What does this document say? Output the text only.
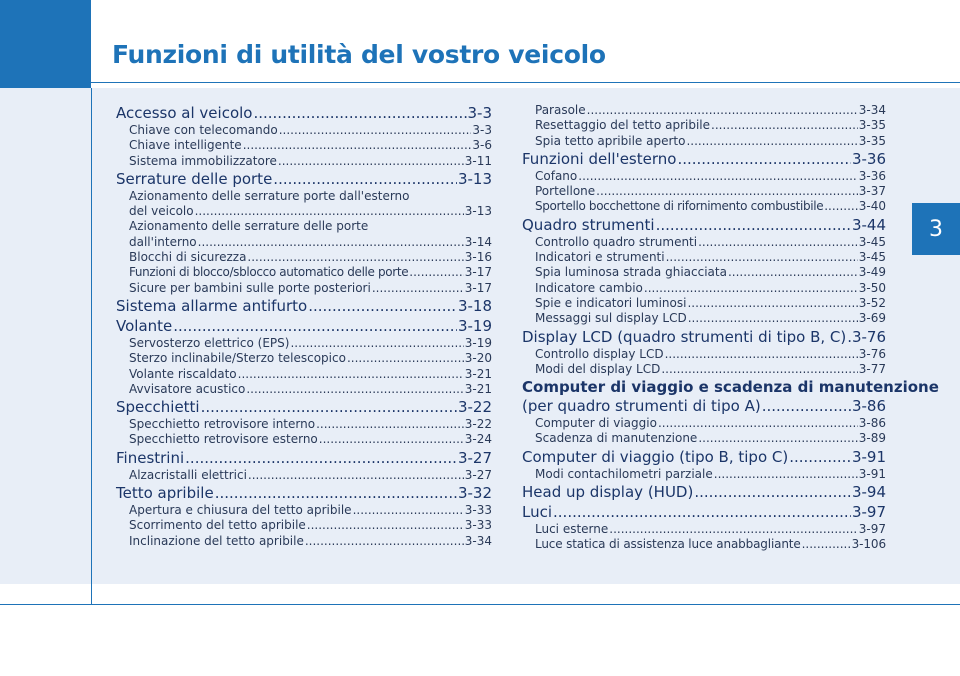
Funzioni di utilità del vostro veicolo
3
Accesso al veicolo .....	3-3
Chiave con telecomando .....	3-3
Chiave intelligente .....	3-6
Sistema immobilizzatore .....	3-11
Serrature delle porte .....	3-13
Azionamento delle serrature porte dall'esterno
del veicolo .....	3-13
Azionamento delle serrature delle porte
dall'interno .....	3-14
Blocchi di sicurezza .....	3-16
Funzioni di blocco/sblocco automatico delle porte .....	3-17
Sicure per bambini sulle porte posteriori .....	3-17
Sistema allarme antifurto .....	3-18
Volante .....	3-19
Servosterzo elettrico (EPS) .....	3-19
Sterzo inclinabile/Sterzo telescopico .....	3-20
Volante riscaldato .....	3-21
Avvisatore acustico .....	3-21
Specchietti .....	3-22
Specchietto retrovisore interno .....	3-22
Specchietto retrovisore esterno .....	3-24
Finestrini .....	3-27
Alzacristalli elettrici .....	3-27
Tetto apribile .....	3-32
Apertura e chiusura del tetto apribile .....	3-33
Scorrimento del tetto apribile .....	3-33
Inclinazione del tetto apribile .....	3-34
Parasole .....	3-34
Resettaggio del tetto apribile .....	3-35
Spia tetto apribile aperto .....	3-35
Funzioni dell'esterno .....	3-36
Cofano .....	3-36
Portellone .....	3-37
Sportello bocchettone di rifornimento combustibile .....	3-40
Quadro strumenti .....	3-44
Controllo quadro strumenti .....	3-45
Indicatori e strumenti .....	3-45
Spia luminosa strada ghiacciata .....	3-49
Indicatore cambio .....	3-50
Spie e indicatori luminosi .....	3-52
Messaggi sul display LCD .....	3-69
Display LCD (quadro strumenti di tipo B, C) ..... 3-76
Controllo display LCD .....	3-76
Modi del display LCD .....	3-77
Computer di viaggio e scadenza di manutenzione
(per quadro strumenti di tipo A) .....	3-86
Computer di viaggio .....	3-86
Scadenza di manutenzione .....	3-89
Computer di viaggio (tipo B, tipo C) .....	3-91
Modi contachilometri parziale .....	3-91
Head up display (HUD) .....	3-94
Luci .....	3-97
Luci esterne .....	3-97
Luce statica di assistenza luce anabbagliante .....	3-106
